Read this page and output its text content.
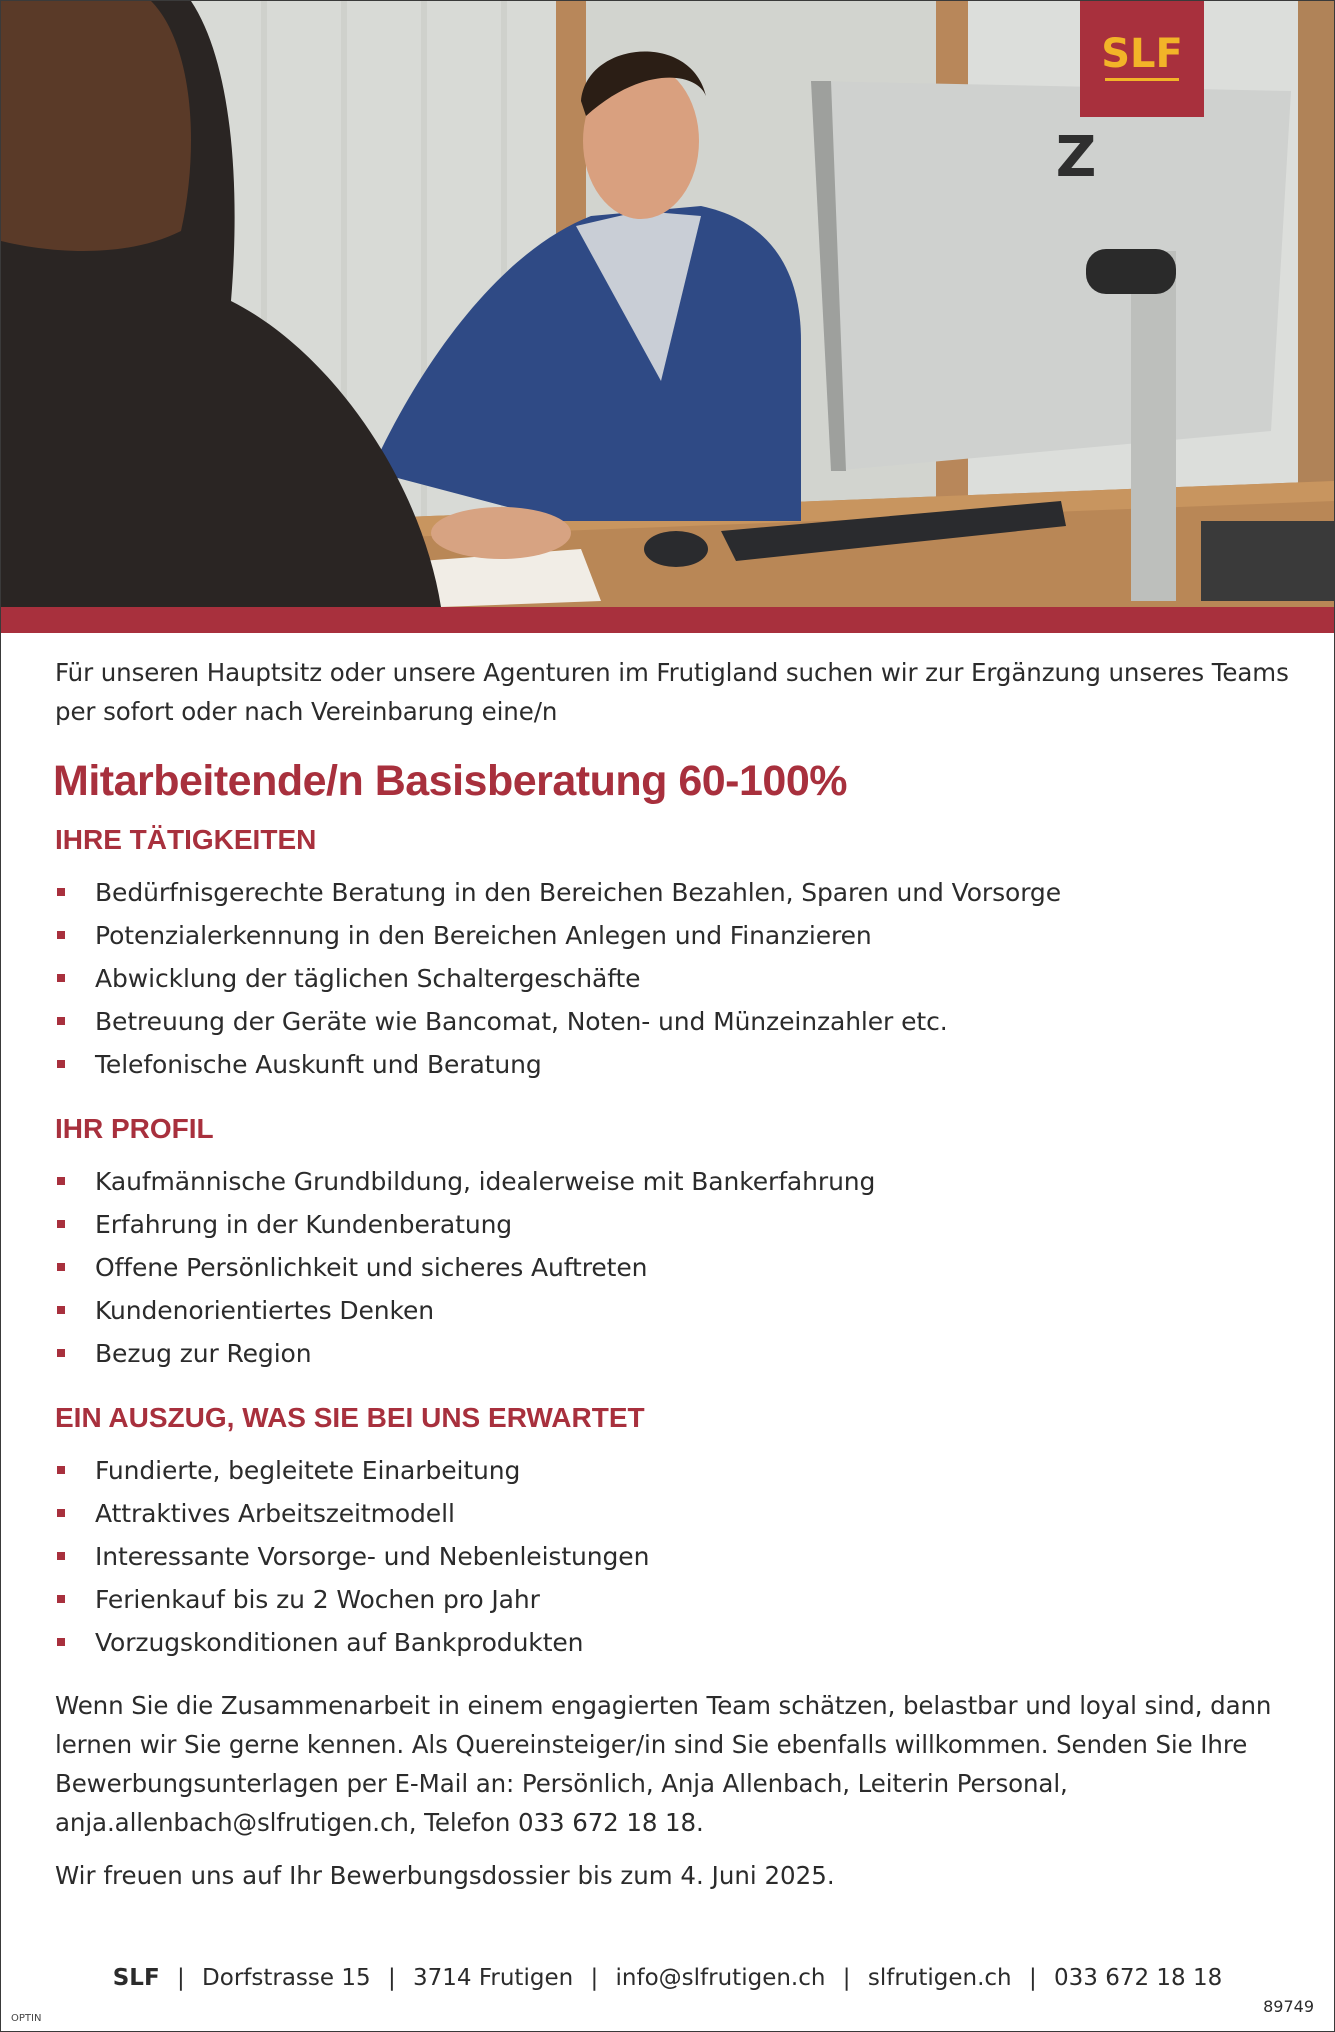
Z
SLF

Für unseren Hauptsitz oder unsere Agenturen im Frutigland suchen wir zur Ergänzung unseres Teams per sofort oder nach Vereinbarung eine/n

Mitarbeitende/n Basisberatung 60-100%
IHRE TÄTIGKEITEN
Bedürfnisgerechte Beratung in den Bereichen Bezahlen, Sparen und Vorsorge
Potenzialerkennung in den Bereichen Anlegen und Finanzieren
Abwicklung der täglichen Schaltergeschäfte
Betreuung der Geräte wie Bancomat, Noten- und Münzeinzahler etc.
Telefonische Auskunft und Beratung
IHR PROFIL
Kaufmännische Grundbildung, idealerweise mit Bankerfahrung
Erfahrung in der Kundenberatung
Offene Persönlichkeit und sicheres Auftreten
Kundenorientiertes Denken
Bezug zur Region
EIN AUSZUG, WAS SIE BEI UNS ERWARTET
Fundierte, begleitete Einarbeitung
Attraktives Arbeitszeitmodell
Interessante Vorsorge- und Nebenleistungen
Ferienkauf bis zu 2 Wochen pro Jahr
Vorzugskonditionen auf Bankprodukten

Wenn Sie die Zusammenarbeit in einem engagierten Team schätzen, belastbar und loyal sind, dann
lernen wir Sie gerne kennen. Als Quereinsteiger/in sind Sie ebenfalls willkommen. Senden Sie Ihre
Bewerbungsunterlagen per E-Mail an: Persönlich, Anja Allenbach, Leiterin Personal,
anja.allenbach@slfrutigen.ch, Telefon 033 672 18 18.

Wir freuen uns auf Ihr Bewerbungsdossier bis zum 4. Juni 2025.

SLF | Dorfstrasse 15 | 3714 Frutigen | info@slfrutigen.ch | slfrutigen.ch | 033 672 18 18
OPTIN
89749
